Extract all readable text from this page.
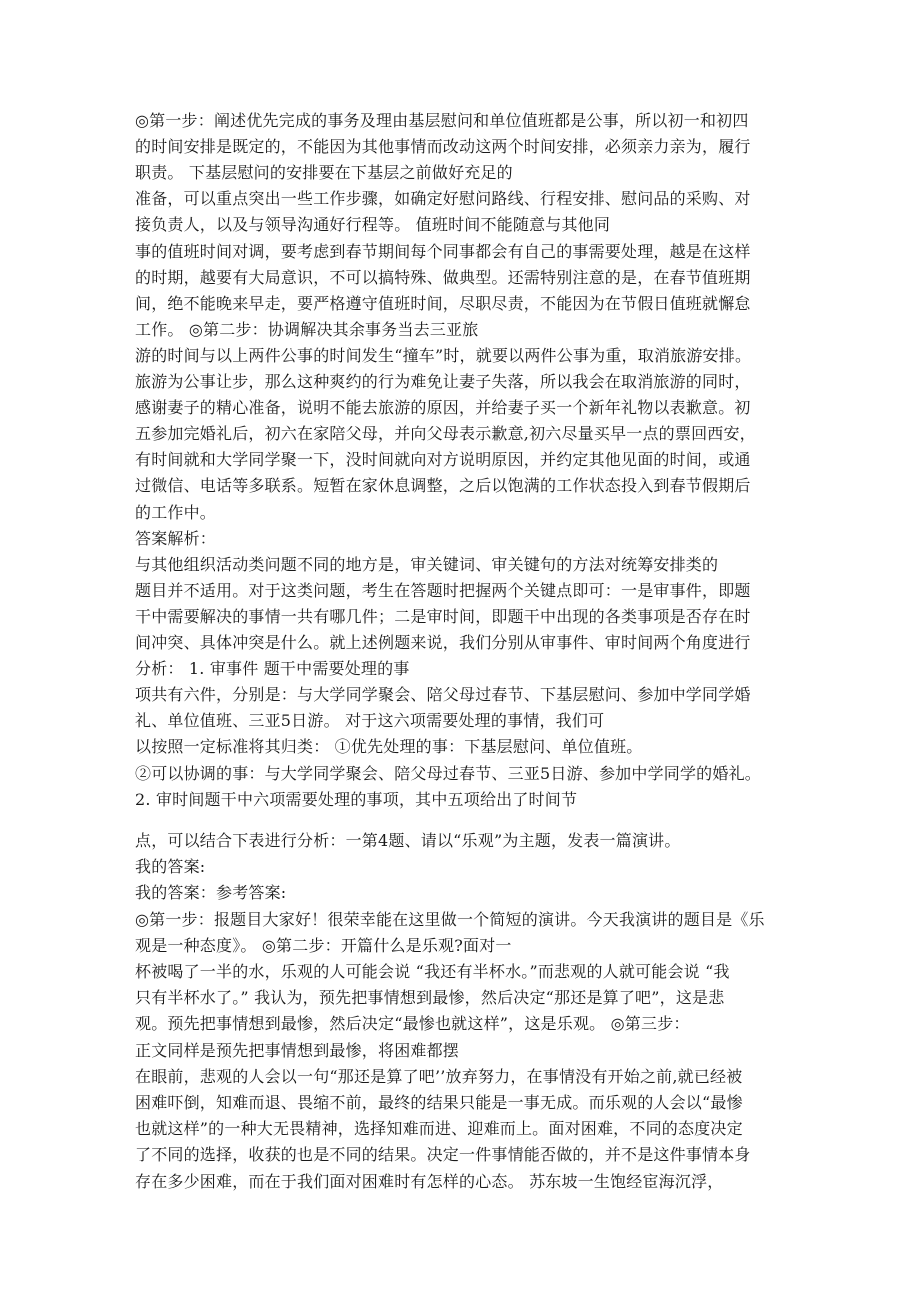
◎第一步：阐述优先完成的事务及理由基层慰问和单位值班都是公事，所以初一和初四
的时间安排是既定的，不能因为其他事情而改动这两个时间安排，必须亲力亲为，履行
职责。 下基层慰问的安排要在下基层之前做好充足的
准备，可以重点突出一些工作步骤，如确定好慰问路线、行程安排、慰问品的采购、对
接负责人，以及与领导沟通好行程等。 值班时间不能随意与其他同
事的值班时间对调，要考虑到春节期间每个同事都会有自己的事需要处理，越是在这样
的时期，越要有大局意识，不可以搞特殊、做典型。还需特别注意的是，在春节值班期
间，绝不能晚来早走，要严格遵守值班时间，尽职尽责，不能因为在节假日值班就懈怠
工作。 ◎第二步：协调解决其余事务当去三亚旅
游的时间与以上两件公事的时间发生“撞车”时，就要以两件公事为重，取消旅游安排。
旅游为公事让步，那么这种爽约的行为难免让妻子失落，所以我会在取消旅游的同时，
感谢妻子的精心准备，说明不能去旅游的原因，并给妻子买一个新年礼物以表歉意。初
五参加完婚礼后，初六在家陪父母，并向父母表示歉意,初六尽量买早一点的票回西安，
有时间就和大学同学聚一下，没时间就向对方说明原因，并约定其他见面的时间，或通
过微信、电话等多联系。短暂在家休息调整，之后以饱满的工作状态投入到春节假期后
的工作中。
答案解析：
与其他组织活动类问题不同的地方是，审关键词、审关键句的方法对统筹安排类的
题目并不适用。对于这类问题，考生在答题时把握两个关键点即可：一是审事件，即题
干中需要解决的事情一共有哪几件；二是审时间，即题干中出现的各类事项是否存在时
间冲突、具体冲突是什么。就上述例题来说，我们分别从审事件、审时间两个角度进行
分析： 1. 审事件 题干中需要处理的事
项共有六件，分别是：与大学同学聚会、陪父母过春节、下基层慰问、参加中学同学婚
礼、单位值班、三亚5日游。 对于这六项需要处理的事情，我们可
以按照一定标准将其归类： ①优先处理的事：下基层慰问、单位值班。
②可以协调的事：与大学同学聚会、陪父母过春节、三亚5日游、参加中学同学的婚礼。
2. 审时间题干中六项需要处理的事项，其中五项给出了时间节
点，可以结合下表进行分析：一第4题、请以“乐观”为主题，发表一篇演讲。
我的答案:
我的答案：参考答案:
◎第一步：报题目大家好！很荣幸能在这里做一个简短的演讲。今天我演讲的题目是《乐
观是一种态度》。 ◎第二步：开篇什么是乐观?面对一
杯被喝了一半的水，乐观的人可能会说 “我还有半杯水。”而悲观的人就可能会说 “我
只有半杯水了。” 我认为，预先把事情想到最惨，然后决定“那还是算了吧”，这是悲
观。预先把事情想到最惨，然后决定“最惨也就这样”，这是乐观。 ◎第三步：
正文同样是预先把事情想到最惨，将困难都摆
在眼前，悲观的人会以一句“那还是算了吧’’放弃努力，在事情没有开始之前,就已经被
困难吓倒，知难而退、畏缩不前，最终的结果只能是一事无成。而乐观的人会以“最惨
也就这样”的一种大无畏精神，选择知难而进、迎难而上。面对困难，不同的态度决定
了不同的选择，收获的也是不同的结果。决定一件事情能否做的，并不是这件事情本身
存在多少困难，而在于我们面对困难时有怎样的心态。 苏东坡一生饱经宦海沉浮，
